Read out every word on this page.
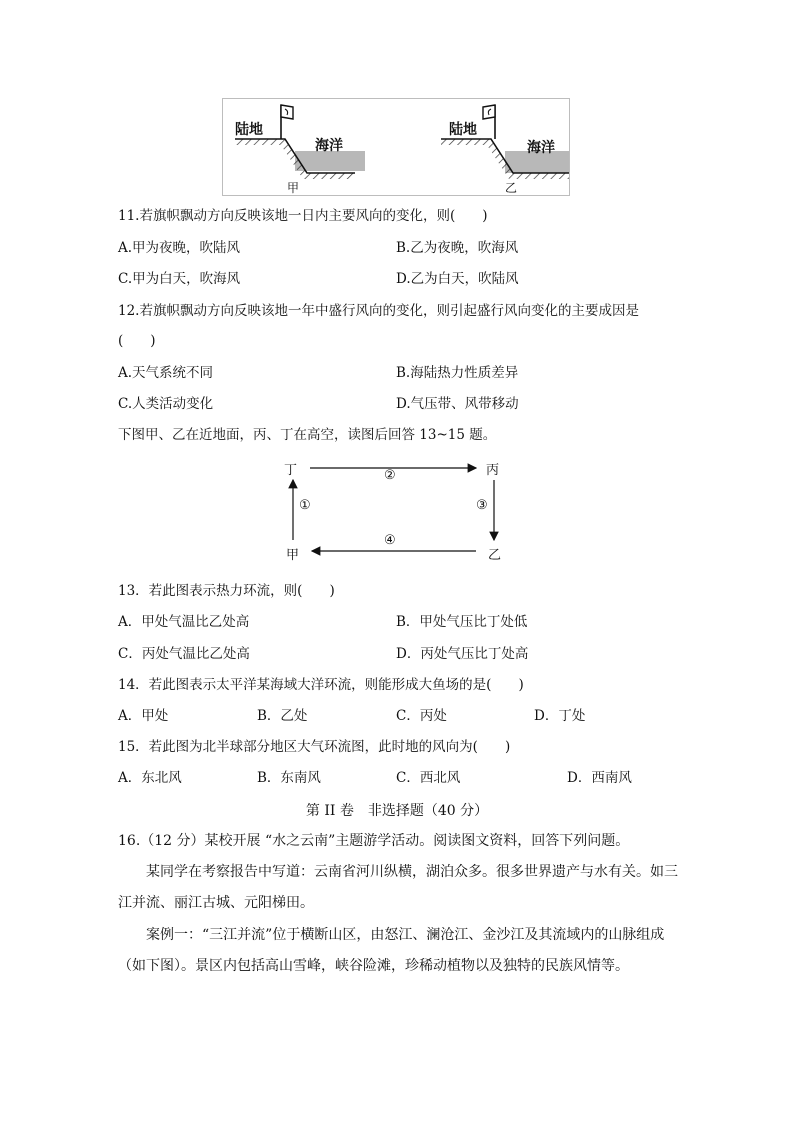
陆地
海洋
甲
陆地
海洋
乙
11.若旗帜飘动方向反映该地一日内主要风向的变化，则(　　)
A.甲为夜晚，吹陆风	B.乙为夜晚，吹海风
C.甲为白天，吹海风	D.乙为白天，吹陆风
12.若旗帜飘动方向反映该地一年中盛行风向的变化，则引起盛行风向变化的主要成因是
(　　)
A.天气系统不同	B.海陆热力性质差异
C.人类活动变化	D.气压带、风带移动
下图甲、乙在近地面，丙、丁在高空，读图后回答 13~15 题。
丁	丙
甲	乙
①
②
③
④
13．若此图表示热力环流，则(　　)
A．甲处气温比乙处高	B．甲处气压比丁处低
C．丙处气温比乙处高	D．丙处气压比丁处高
14．若此图表示太平洋某海域大洋环流，则能形成大鱼场的是(　　)
A．甲处	B．乙处	C．丙处	D．丁处
15．若此图为北半球部分地区大气环流图，此时地的风向为(　　)
A．东北风	B．东南风	C．西北风	D．西南风
第 II 卷　非选择题（40 分）
16.（12 分）某校开展 “水之云南”主题游学活动。阅读图文资料，回答下列问题。
某同学在考察报告中写道：云南省河川纵横，湖泊众多。很多世界遗产与水有关。如三
江并流、丽江古城、元阳梯田。
案例一：“三江并流”位于横断山区，由怒江、澜沧江、金沙江及其流域内的山脉组成
（如下图）。景区内包括高山雪峰，峡谷险滩，珍稀动植物以及独特的民族风情等。
